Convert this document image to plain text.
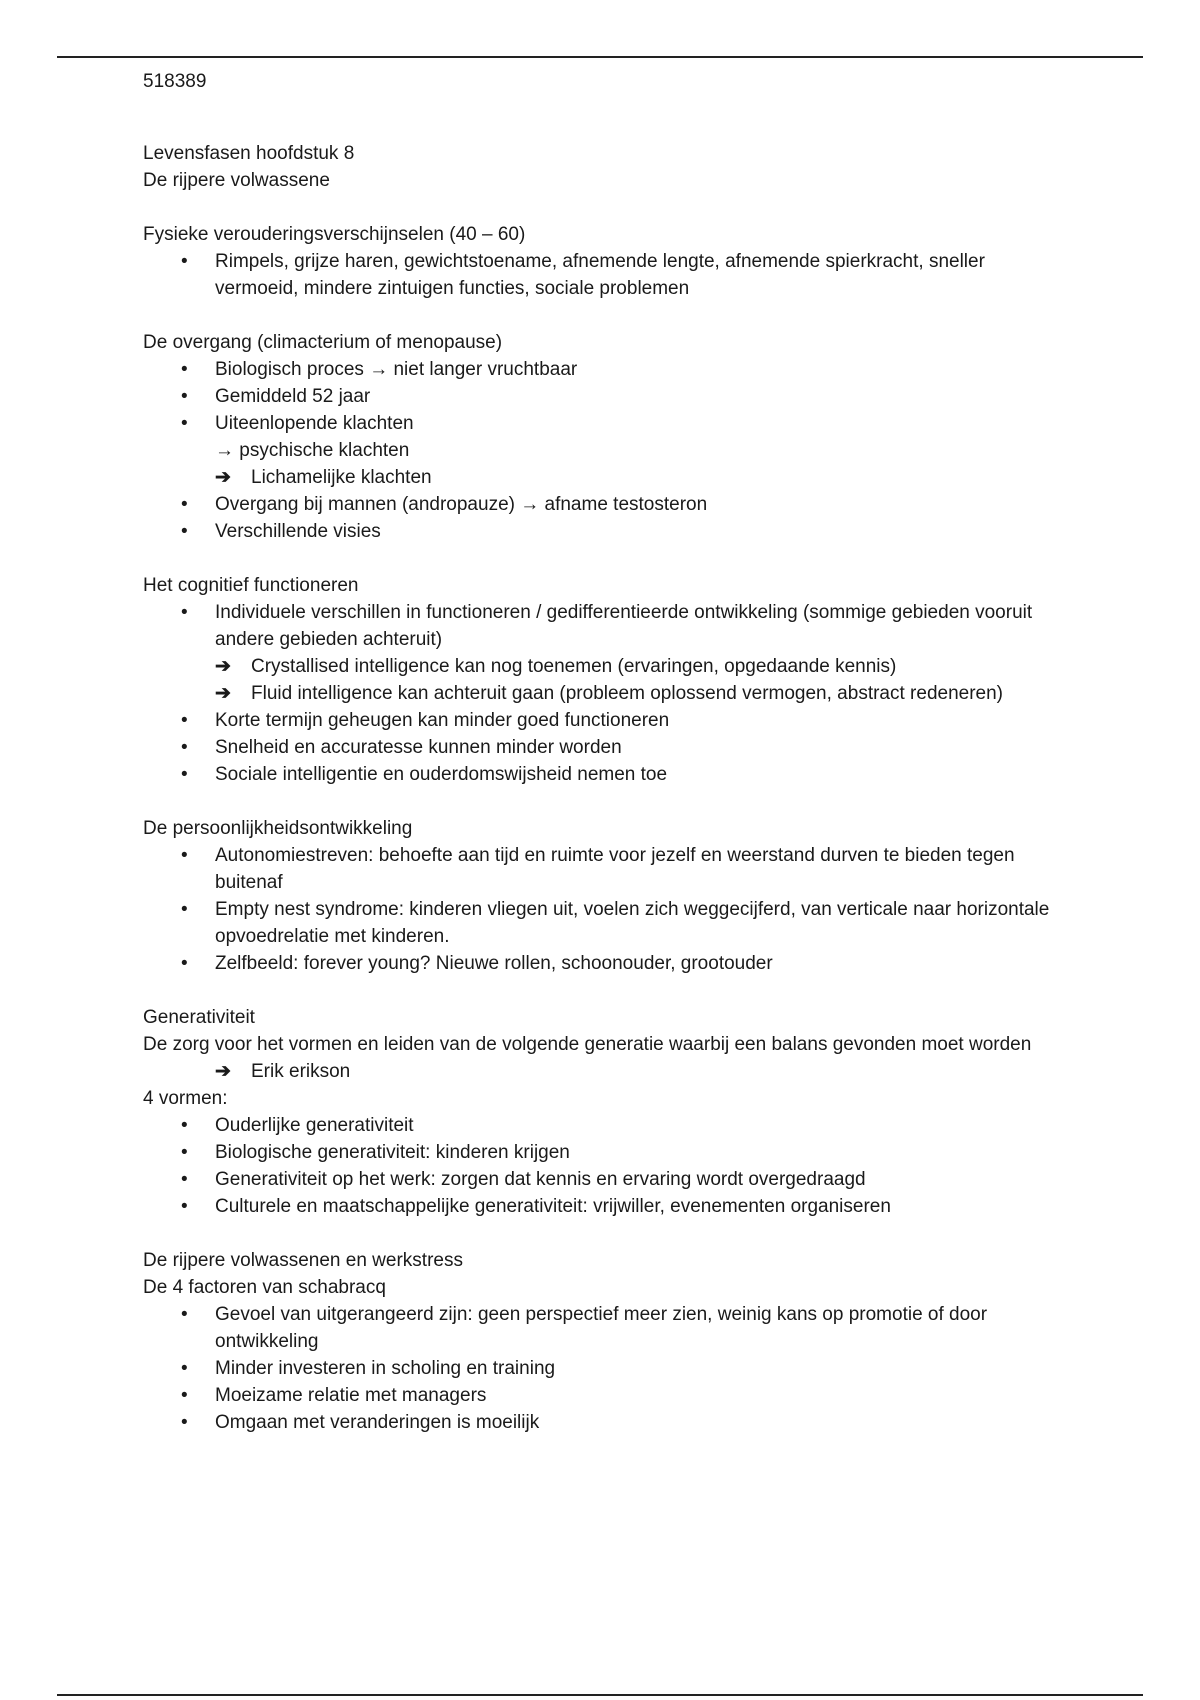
518389

Levensfasen hoofdstuk 8

De rijpere volwassene

Fysieke verouderingsverschijnselen (40 – 60)

• Rimpels, grijze haren, gewichtstoename, afnemende lengte, afnemende spierkracht, sneller vermoeid, mindere zintuigen functies, sociale problemen

De overgang (climacterium of menopause)

• Biologisch proces → niet langer vruchtbaar
• Gemiddeld 52 jaar
• Uiteenlopende klachten

→ psychische klachten

➔ Lichamelijke klachten

• Overgang bij mannen (andropauze) → afname testosteron
• Verschillende visies

Het cognitief functioneren

• Individuele verschillen in functioneren / gedifferentieerde ontwikkeling (sommige gebieden vooruit andere gebieden achteruit)

➔ Crystallised intelligence kan nog toenemen (ervaringen, opgedaande kennis)

➔ Fluid intelligence kan achteruit gaan (probleem oplossend vermogen, abstract redeneren)

• Korte termijn geheugen kan minder goed functioneren
• Snelheid en accuratesse kunnen minder worden
• Sociale intelligentie en ouderdomswijsheid nemen toe

De persoonlijkheidsontwikkeling

• Autonomiestreven: behoefte aan tijd en ruimte voor jezelf en weerstand durven te bieden tegen buitenaf
• Empty nest syndrome: kinderen vliegen uit, voelen zich weggecijferd, van verticale naar horizontale opvoedrelatie met kinderen.
• Zelfbeeld: forever young? Nieuwe rollen, schoonouder, grootouder

Generativiteit

De zorg voor het vormen en leiden van de volgende generatie waarbij een balans gevonden moet worden

➔ Erik erikson

4 vormen:

• Ouderlijke generativiteit
• Biologische generativiteit: kinderen krijgen
• Generativiteit op het werk: zorgen dat kennis en ervaring wordt overgedraagd
• Culturele en maatschappelijke generativiteit: vrijwiller, evenementen organiseren

De rijpere volwassenen en werkstress

De 4 factoren van schabracq

• Gevoel van uitgerangeerd zijn: geen perspectief meer zien, weinig kans op promotie of door ontwikkeling
• Minder investeren in scholing en training
• Moeizame relatie met managers
• Omgaan met veranderingen is moeilijk
